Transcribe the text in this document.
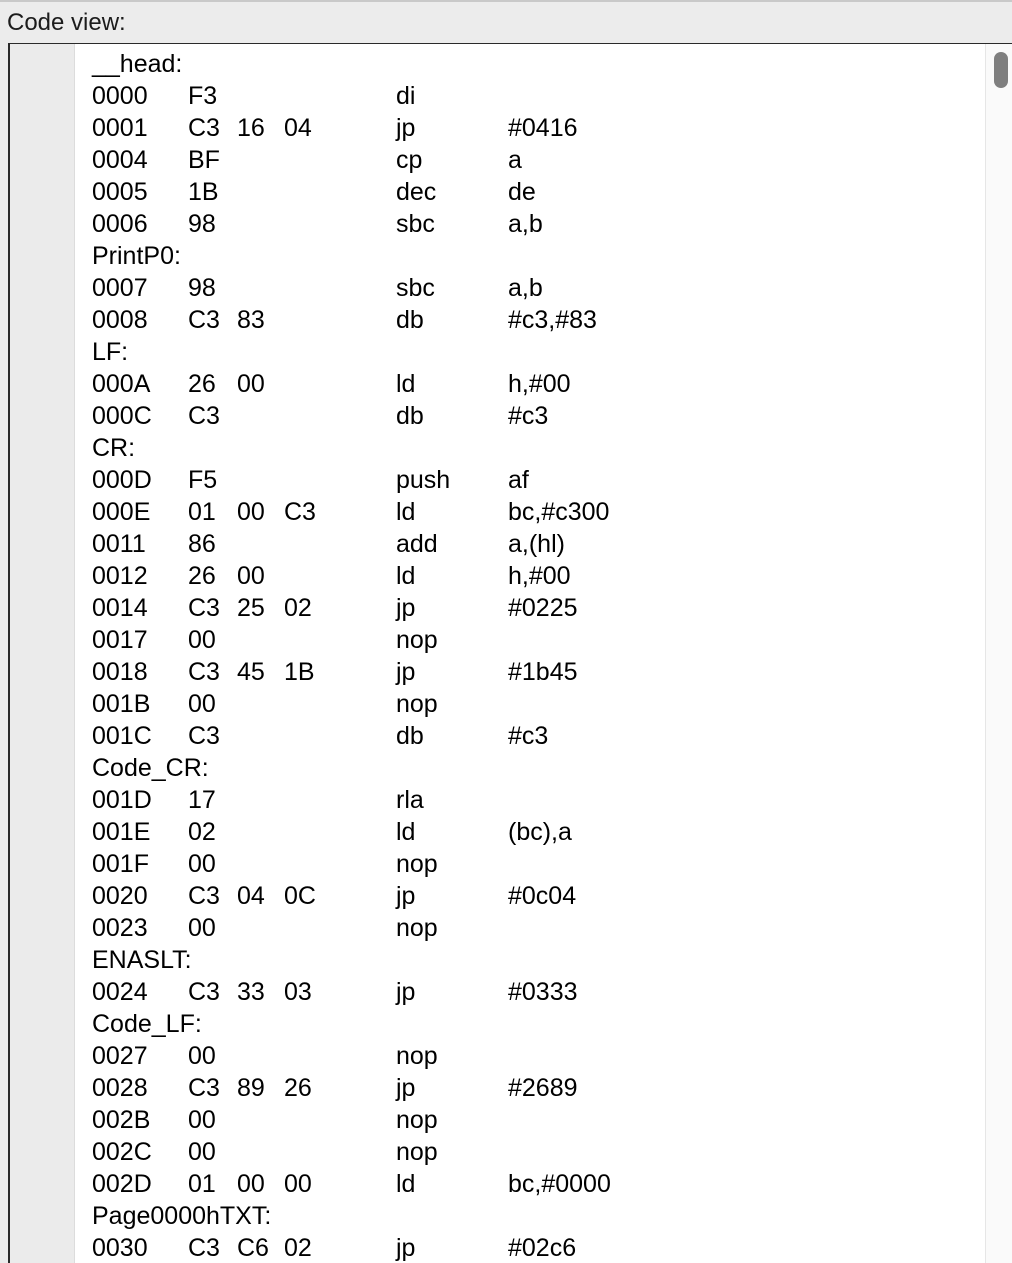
Code view:
__head:
0000 F3	di
0001 C3 16 04	jp	#0416
0004 BF	cp	a
0005 1B	dec	de
0006 98	sbc	a,b
PrintP0:
0007 98	sbc	a,b
0008 C3 83	db	#c3,#83
LF:
000A 26 00	ld	h,#00
000C C3	db	#c3
CR:
000D F5	push af
000E 01 00 C3	ld	bc,#c300
0011 86	add	a,(hl)
0012 26 00	ld	h,#00
0014 C3 25 02	jp	#0225
0017 00	nop
0018 C3 45 1B	jp	#1b45
001B 00	nop
001C C3	db	#c3
Code_CR:
001D 17	rla
001E 02	ld	(bc),a
001F 00	nop
0020 C3 04 0C	jp	#0c04
0023 00	nop
ENASLT:
0024 C3 33 03	jp	#0333
Code_LF:
0027 00	nop
0028 C3 89 26	jp	#2689
002B 00	nop
002C 00	nop
002D 01 00 00	ld	bc,#0000
Page0000hTXT:
0030 C3 C6 02	jp	#02c6
